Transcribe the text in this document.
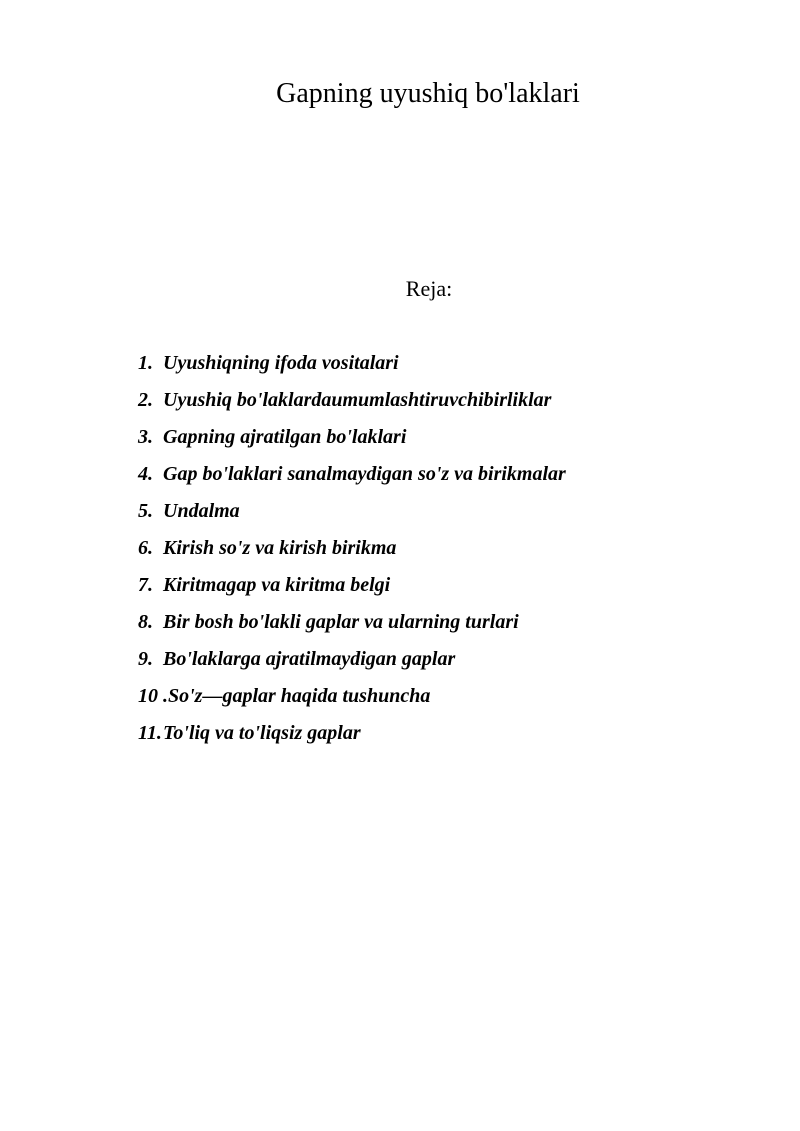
Gapning uyushiq bo'laklari
Reja:
1. Uyushiqning ifoda vositalari
2. Uyushiq bo'laklardaumumlashtiruvchibirliklar
3. Gapning ajratilgan bo'laklari
4. Gap bo'laklari sanalmaydigan so'z va birikmalar
5. Undalma
6. Kirish so'z va kirish birikma
7. Kiritmagap va kiritma belgi
8. Bir bosh bo'lakli gaplar va ularning turlari
9. Bo'laklarga ajratilmaydigan gaplar
10 . So'z—gaplar haqida tushuncha
11. To'liq va to'liqsiz gaplar
